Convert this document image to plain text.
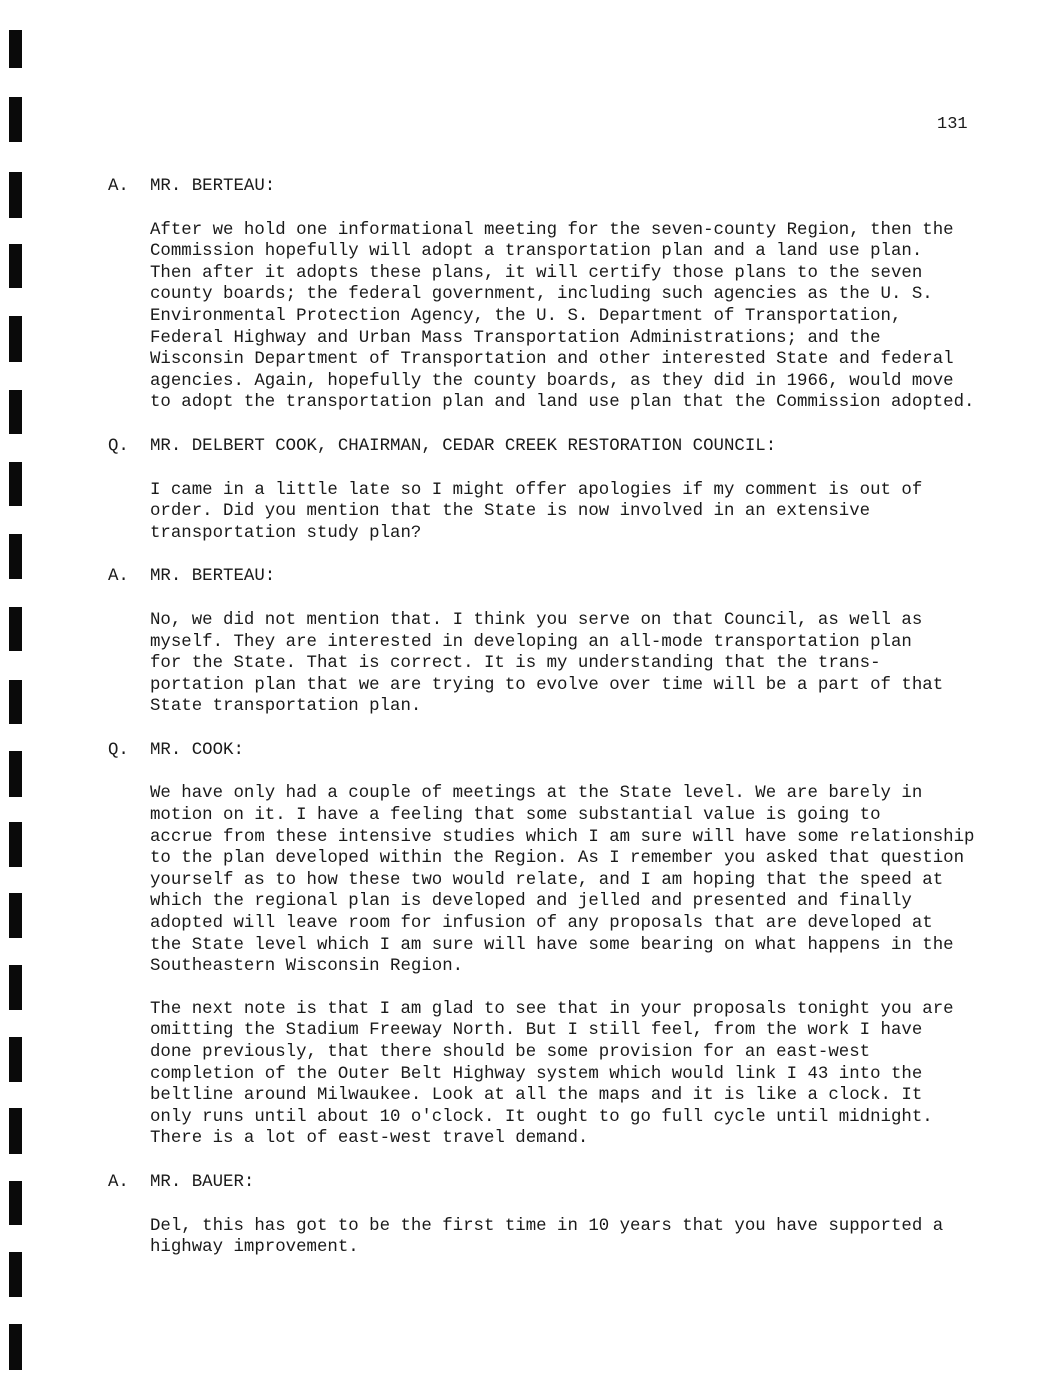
131
A.	MR. BERTEAU:

After we hold one informational meeting for the seven-county Region, then the
Commission hopefully will adopt a transportation plan and a land use plan.
Then after it adopts these plans, it will certify those plans to the seven
county boards; the federal government, including such agencies as the U. S.
Environmental Protection Agency, the U. S. Department of Transportation,
Federal Highway and Urban Mass Transportation Administrations; and the
Wisconsin Department of Transportation and other interested State and federal
agencies. Again, hopefully the county boards, as they did in 1966, would move
to adopt the transportation plan and land use plan that the Commission adopted.

Q.	MR. DELBERT COOK, CHAIRMAN, CEDAR CREEK RESTORATION COUNCIL:

I came in a little late so I might offer apologies if my comment is out of
order. Did you mention that the State is now involved in an extensive
transportation study plan?

A.	MR. BERTEAU:

No, we did not mention that. I think you serve on that Council, as well as
myself. They are interested in developing an all-mode transportation plan
for the State. That is correct. It is my understanding that the trans-
portation plan that we are trying to evolve over time will be a part of that
State transportation plan.

Q.	MR. COOK:

We have only had a couple of meetings at the State level. We are barely in
motion on it. I have a feeling that some substantial value is going to
accrue from these intensive studies which I am sure will have some relationship
to the plan developed within the Region. As I remember you asked that question
yourself as to how these two would relate, and I am hoping that the speed at
which the regional plan is developed and jelled and presented and finally
adopted will leave room for infusion of any proposals that are developed at
the State level which I am sure will have some bearing on what happens in the
Southeastern Wisconsin Region.

The next note is that I am glad to see that in your proposals tonight you are
omitting the Stadium Freeway North. But I still feel, from the work I have
done previously, that there should be some provision for an east-west
completion of the Outer Belt Highway system which would link I 43 into the
beltline around Milwaukee. Look at all the maps and it is like a clock. It
only runs until about 10 o'clock. It ought to go full cycle until midnight.
There is a lot of east-west travel demand.

A.	MR. BAUER:

Del, this has got to be the first time in 10 years that you have supported a
highway improvement.
